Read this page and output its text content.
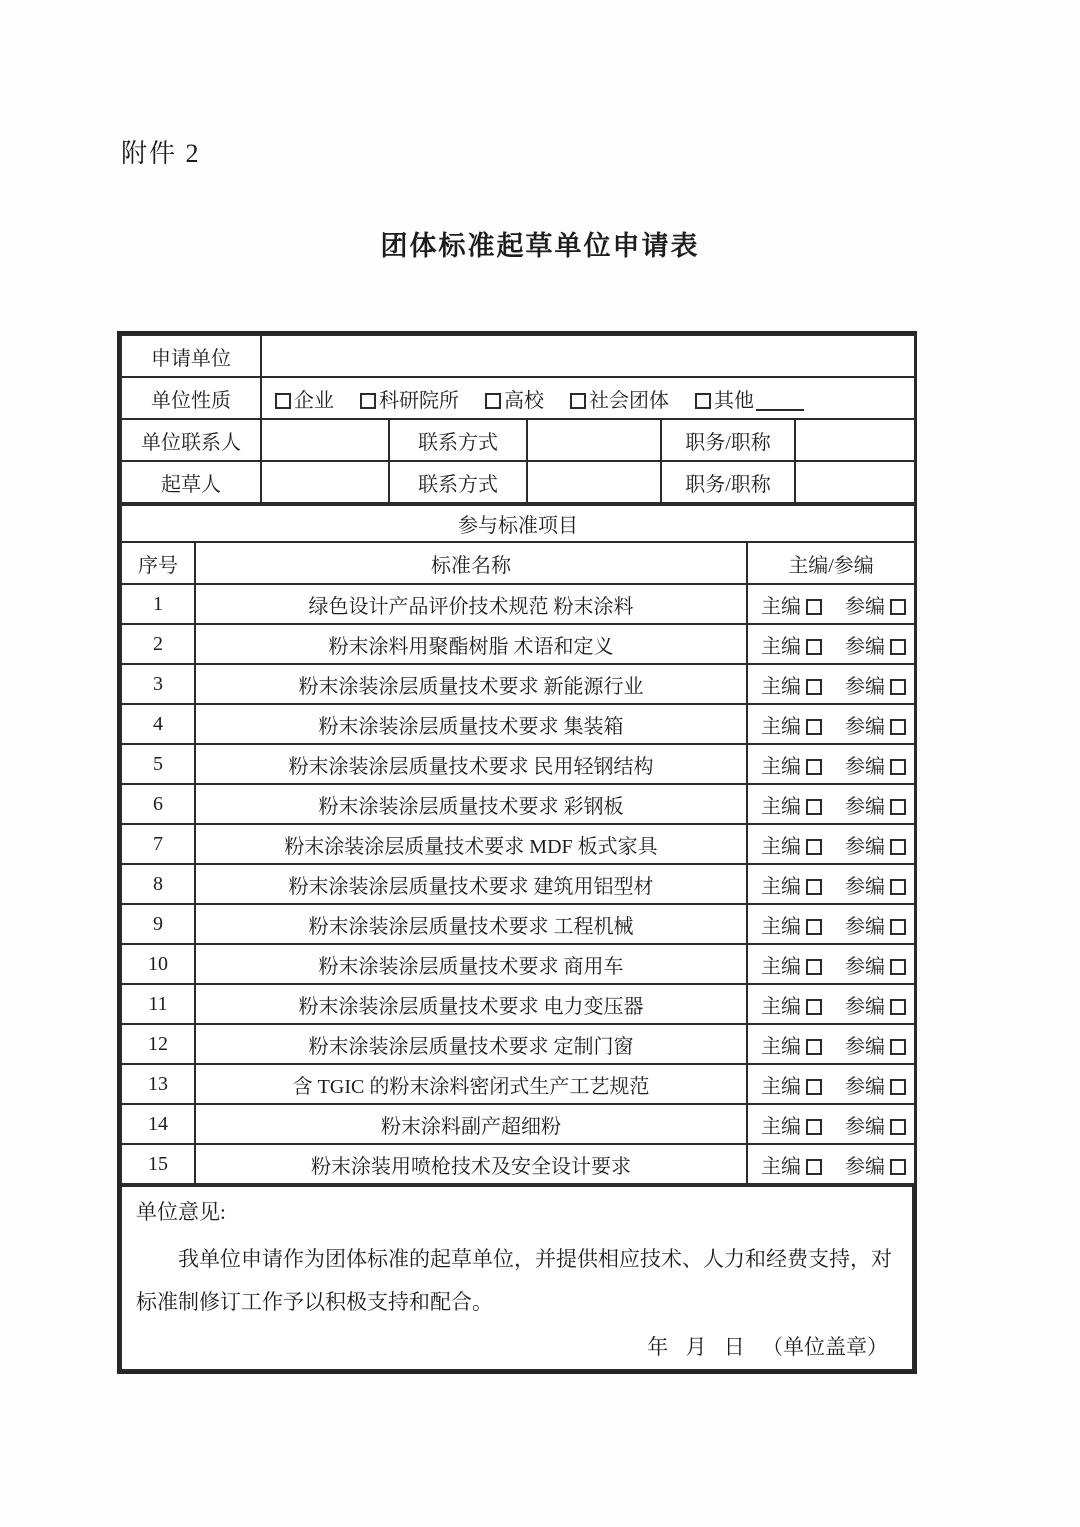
附件 2
团体标准起草单位申请表
申请单位					
单位性质	企业 科研院所 高校 社会团体 其他				
单位联系人		联系方式		职务/职称	
起草人		联系方式		职务/职称	
参与标准项目		
序号	标准名称	主编/参编
1	绿色设计产品评价技术规范 粉末涂料	主编 参编
2	粉末涂料用聚酯树脂 术语和定义	主编 参编
3	粉末涂装涂层质量技术要求 新能源行业	主编 参编
4	粉末涂装涂层质量技术要求 集装箱	主编 参编
5	粉末涂装涂层质量技术要求 民用轻钢结构	主编 参编
6	粉末涂装涂层质量技术要求 彩钢板	主编 参编
7	粉末涂装涂层质量技术要求 MDF 板式家具	主编 参编
8	粉末涂装涂层质量技术要求 建筑用铝型材	主编 参编
9	粉末涂装涂层质量技术要求 工程机械	主编 参编
10	粉末涂装涂层质量技术要求 商用车	主编 参编
11	粉末涂装涂层质量技术要求 电力变压器	主编 参编
12	粉末涂装涂层质量技术要求 定制门窗	主编 参编
13	含 TGIC 的粉末涂料密闭式生产工艺规范	主编 参编
14	粉末涂料副产超细粉	主编 参编
15	粉末涂装用喷枪技术及安全设计要求	主编 参编
单位意见:

我单位申请作为团体标准的起草单位，并提供相应技术、人力和经费支持，对标准制修订工作予以积极支持和配合。

年 月 日 （单位盖章）
